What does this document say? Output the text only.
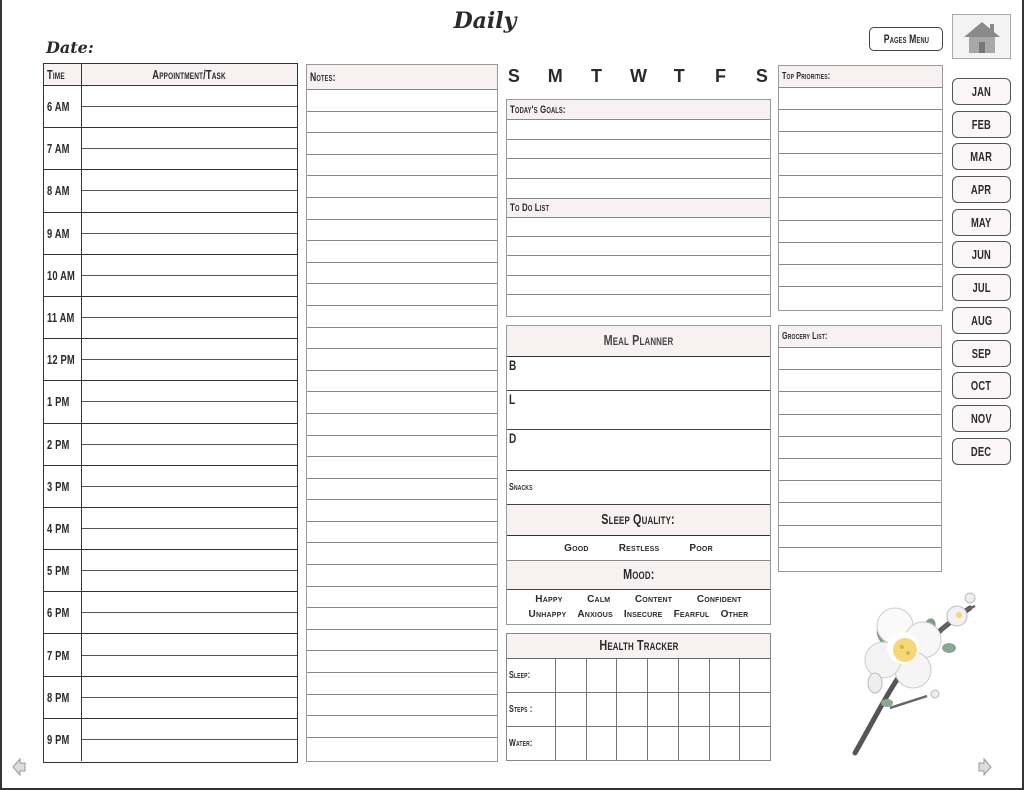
Daily
Date:
Time	Appointment/Task
6 AM
7 AM
8 AM
9 AM
10 AM
11 AM
12 PM
1 PM
2 PM
3 PM
4 PM
5 PM
6 PM
7 PM
8 PM
9 PM
Notes:	S M T W T F S
Today's Goals:
To Do List
Meal Planner
B
L
D
Snacks
Sleep Quality:
Good	Restless	Poor
Mood:
Happy Calm Content Confident
Unhappy Anxious Insecure Fearful Other
Health Tracker
Sleep:
Steps :
Water:
Top Priorities:
Grocery List:
Pages Menu
JAN
FEB
MAR
APR
MAY
JUN
JUL
AUG
SEP
OCT
NOV
DEC
